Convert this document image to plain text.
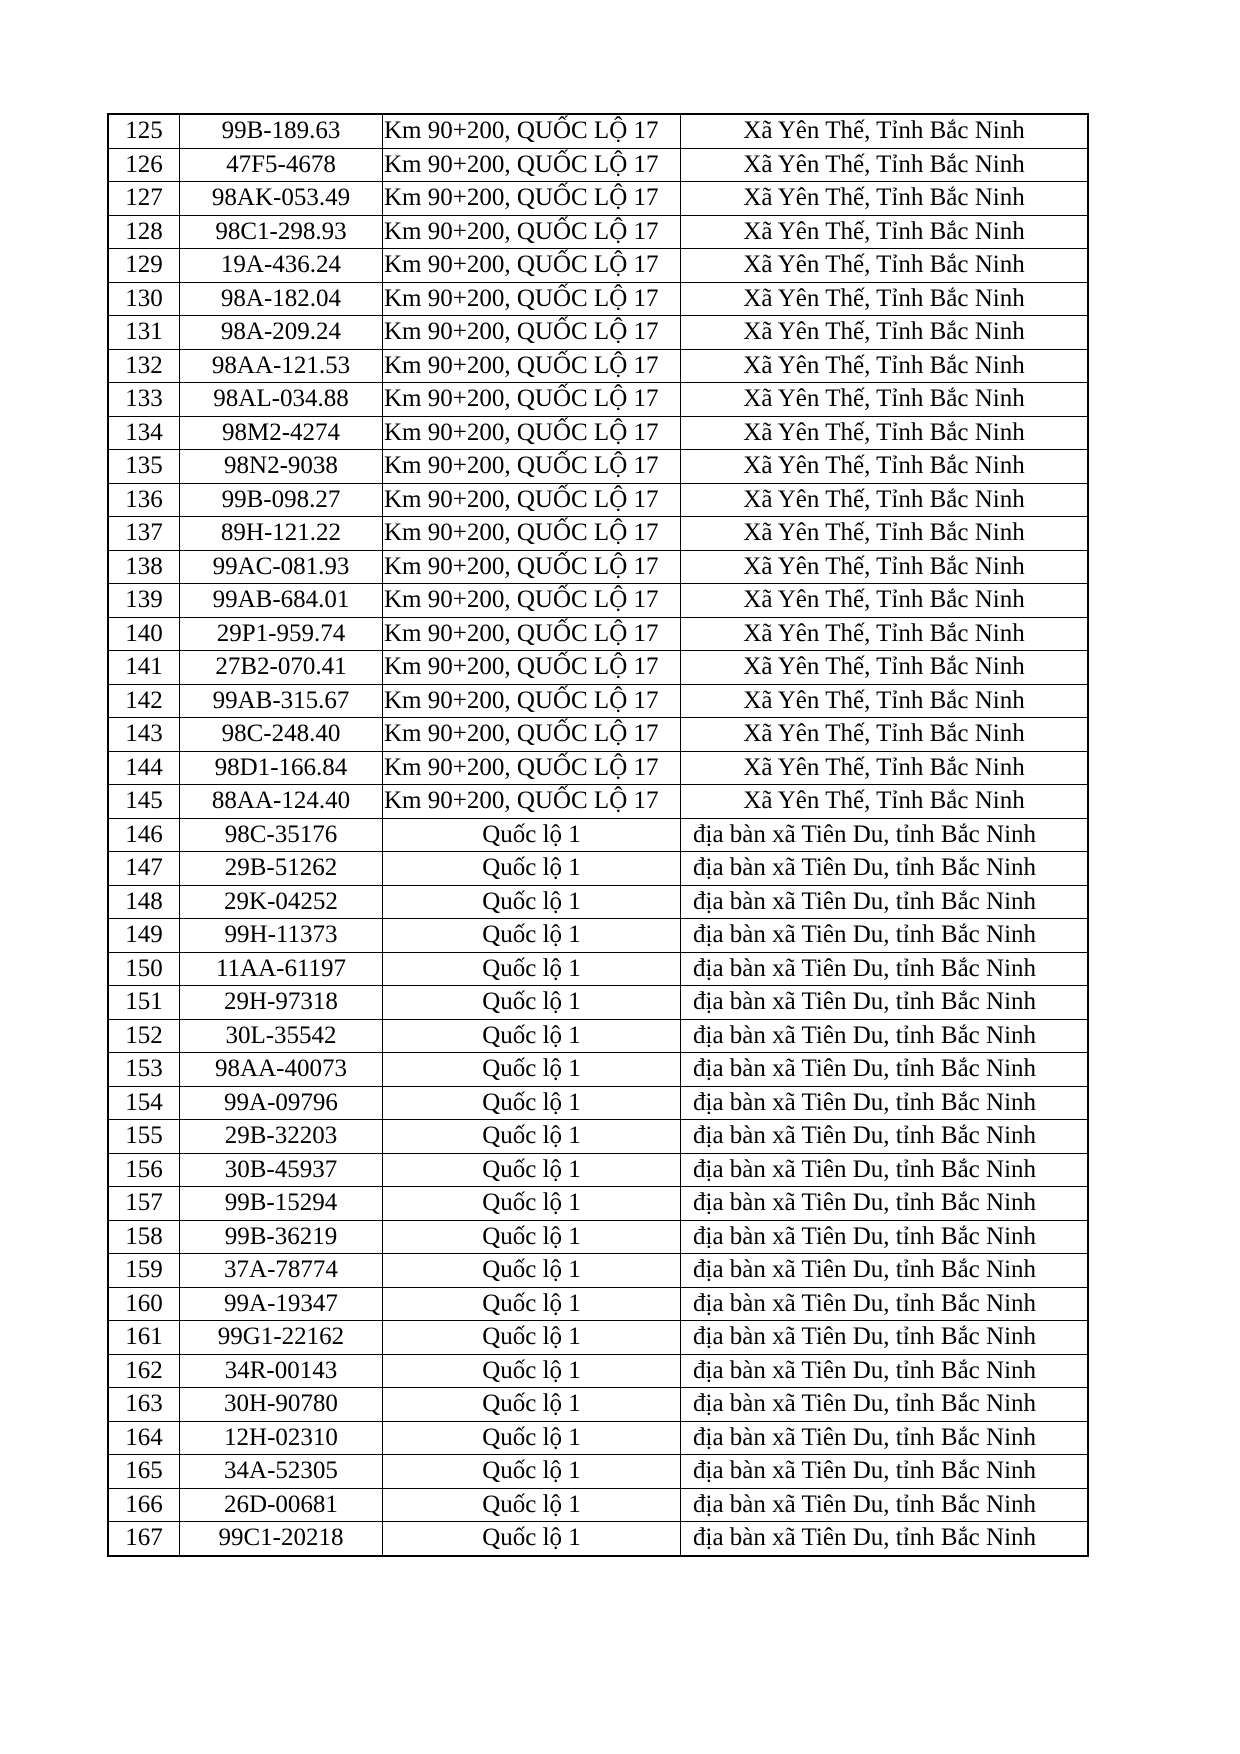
125	99B-189.63	Km 90+200, QUỐC LỘ 17	Xã Yên Thế, Tỉnh Bắc Ninh
126	47F5-4678	Km 90+200, QUỐC LỘ 17	Xã Yên Thế, Tỉnh Bắc Ninh
127	98AK-053.49	Km 90+200, QUỐC LỘ 17	Xã Yên Thế, Tỉnh Bắc Ninh
128	98C1-298.93	Km 90+200, QUỐC LỘ 17	Xã Yên Thế, Tỉnh Bắc Ninh
129	19A-436.24	Km 90+200, QUỐC LỘ 17	Xã Yên Thế, Tỉnh Bắc Ninh
130	98A-182.04	Km 90+200, QUỐC LỘ 17	Xã Yên Thế, Tỉnh Bắc Ninh
131	98A-209.24	Km 90+200, QUỐC LỘ 17	Xã Yên Thế, Tỉnh Bắc Ninh
132	98AA-121.53	Km 90+200, QUỐC LỘ 17	Xã Yên Thế, Tỉnh Bắc Ninh
133	98AL-034.88	Km 90+200, QUỐC LỘ 17	Xã Yên Thế, Tỉnh Bắc Ninh
134	98M2-4274	Km 90+200, QUỐC LỘ 17	Xã Yên Thế, Tỉnh Bắc Ninh
135	98N2-9038	Km 90+200, QUỐC LỘ 17	Xã Yên Thế, Tỉnh Bắc Ninh
136	99B-098.27	Km 90+200, QUỐC LỘ 17	Xã Yên Thế, Tỉnh Bắc Ninh
137	89H-121.22	Km 90+200, QUỐC LỘ 17	Xã Yên Thế, Tỉnh Bắc Ninh
138	99AC-081.93	Km 90+200, QUỐC LỘ 17	Xã Yên Thế, Tỉnh Bắc Ninh
139	99AB-684.01	Km 90+200, QUỐC LỘ 17	Xã Yên Thế, Tỉnh Bắc Ninh
140	29P1-959.74	Km 90+200, QUỐC LỘ 17	Xã Yên Thế, Tỉnh Bắc Ninh
141	27B2-070.41	Km 90+200, QUỐC LỘ 17	Xã Yên Thế, Tỉnh Bắc Ninh
142	99AB-315.67	Km 90+200, QUỐC LỘ 17	Xã Yên Thế, Tỉnh Bắc Ninh
143	98C-248.40	Km 90+200, QUỐC LỘ 17	Xã Yên Thế, Tỉnh Bắc Ninh
144	98D1-166.84	Km 90+200, QUỐC LỘ 17	Xã Yên Thế, Tỉnh Bắc Ninh
145	88AA-124.40	Km 90+200, QUỐC LỘ 17	Xã Yên Thế, Tỉnh Bắc Ninh
146	98C-35176	Quốc lộ 1	địa bàn xã Tiên Du, tỉnh Bắc Ninh
147	29B-51262	Quốc lộ 1	địa bàn xã Tiên Du, tỉnh Bắc Ninh
148	29K-04252	Quốc lộ 1	địa bàn xã Tiên Du, tỉnh Bắc Ninh
149	99H-11373	Quốc lộ 1	địa bàn xã Tiên Du, tỉnh Bắc Ninh
150	11AA-61197	Quốc lộ 1	địa bàn xã Tiên Du, tỉnh Bắc Ninh
151	29H-97318	Quốc lộ 1	địa bàn xã Tiên Du, tỉnh Bắc Ninh
152	30L-35542	Quốc lộ 1	địa bàn xã Tiên Du, tỉnh Bắc Ninh
153	98AA-40073	Quốc lộ 1	địa bàn xã Tiên Du, tỉnh Bắc Ninh
154	99A-09796	Quốc lộ 1	địa bàn xã Tiên Du, tỉnh Bắc Ninh
155	29B-32203	Quốc lộ 1	địa bàn xã Tiên Du, tỉnh Bắc Ninh
156	30B-45937	Quốc lộ 1	địa bàn xã Tiên Du, tỉnh Bắc Ninh
157	99B-15294	Quốc lộ 1	địa bàn xã Tiên Du, tỉnh Bắc Ninh
158	99B-36219	Quốc lộ 1	địa bàn xã Tiên Du, tỉnh Bắc Ninh
159	37A-78774	Quốc lộ 1	địa bàn xã Tiên Du, tỉnh Bắc Ninh
160	99A-19347	Quốc lộ 1	địa bàn xã Tiên Du, tỉnh Bắc Ninh
161	99G1-22162	Quốc lộ 1	địa bàn xã Tiên Du, tỉnh Bắc Ninh
162	34R-00143	Quốc lộ 1	địa bàn xã Tiên Du, tỉnh Bắc Ninh
163	30H-90780	Quốc lộ 1	địa bàn xã Tiên Du, tỉnh Bắc Ninh
164	12H-02310	Quốc lộ 1	địa bàn xã Tiên Du, tỉnh Bắc Ninh
165	34A-52305	Quốc lộ 1	địa bàn xã Tiên Du, tỉnh Bắc Ninh
166	26D-00681	Quốc lộ 1	địa bàn xã Tiên Du, tỉnh Bắc Ninh
167	99C1-20218	Quốc lộ 1	địa bàn xã Tiên Du, tỉnh Bắc Ninh
